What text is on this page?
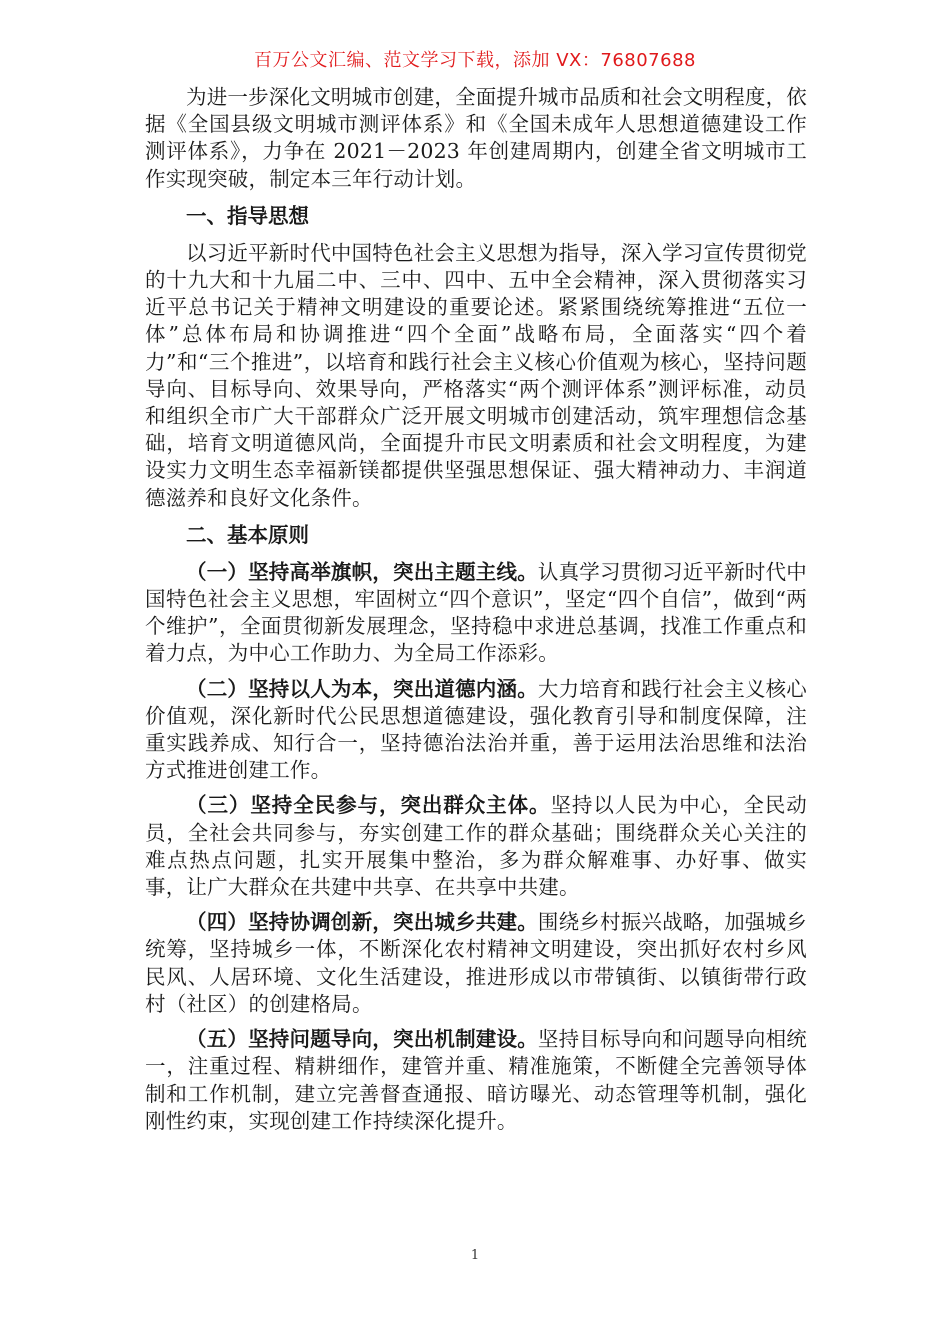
百万公文汇编、范文学习下载，添加 VX：76807688

为进一步深化文明城市创建，全面提升城市品质和社会文明程度，依据《全国县级文明城市测评体系》和《全国未成年人思想道德建设工作测评体系》，力争在 2021－2023 年创建周期内，创建全省文明城市工作实现突破，制定本三年行动计划。

一、指导思想

以习近平新时代中国特色社会主义思想为指导，深入学习宣传贯彻党的十九大和十九届二中、三中、四中、五中全会精神，深入贯彻落实习近平总书记关于精神文明建设的重要论述。紧紧围绕统筹推进“五位一体”总体布局和协调推进“四个全面”战略布局，全面落实“四个着力”和“三个推进”，以培育和践行社会主义核心价值观为核心，坚持问题导向、目标导向、效果导向，严格落实“两个测评体系”测评标准，动员和组织全市广大干部群众广泛开展文明城市创建活动，筑牢理想信念基础，培育文明道德风尚，全面提升市民文明素质和社会文明程度，为建设实力文明生态幸福新镁都提供坚强思想保证、强大精神动力、丰润道德滋养和良好文化条件。

二、基本原则

（一）坚持高举旗帜，突出主题主线。认真学习贯彻习近平新时代中国特色社会主义思想，牢固树立“四个意识”，坚定“四个自信”，做到“两个维护”，全面贯彻新发展理念，坚持稳中求进总基调，找准工作重点和着力点，为中心工作助力、为全局工作添彩。

（二）坚持以人为本，突出道德内涵。大力培育和践行社会主义核心价值观，深化新时代公民思想道德建设，强化教育引导和制度保障，注重实践养成、知行合一，坚持德治法治并重，善于运用法治思维和法治方式推进创建工作。

（三）坚持全民参与，突出群众主体。坚持以人民为中心，全民动员，全社会共同参与，夯实创建工作的群众基础；围绕群众关心关注的难点热点问题，扎实开展集中整治，多为群众解难事、办好事、做实事，让广大群众在共建中共享、在共享中共建。

（四）坚持协调创新，突出城乡共建。围绕乡村振兴战略，加强城乡统筹，坚持城乡一体，不断深化农村精神文明建设，突出抓好农村乡风民风、人居环境、文化生活建设，推进形成以市带镇街、以镇街带行政村（社区）的创建格局。

（五）坚持问题导向，突出机制建设。坚持目标导向和问题导向相统一，注重过程、精耕细作，建管并重、精准施策，不断健全完善领导体制和工作机制，建立完善督查通报、暗访曝光、动态管理等机制，强化刚性约束，实现创建工作持续深化提升。

1
